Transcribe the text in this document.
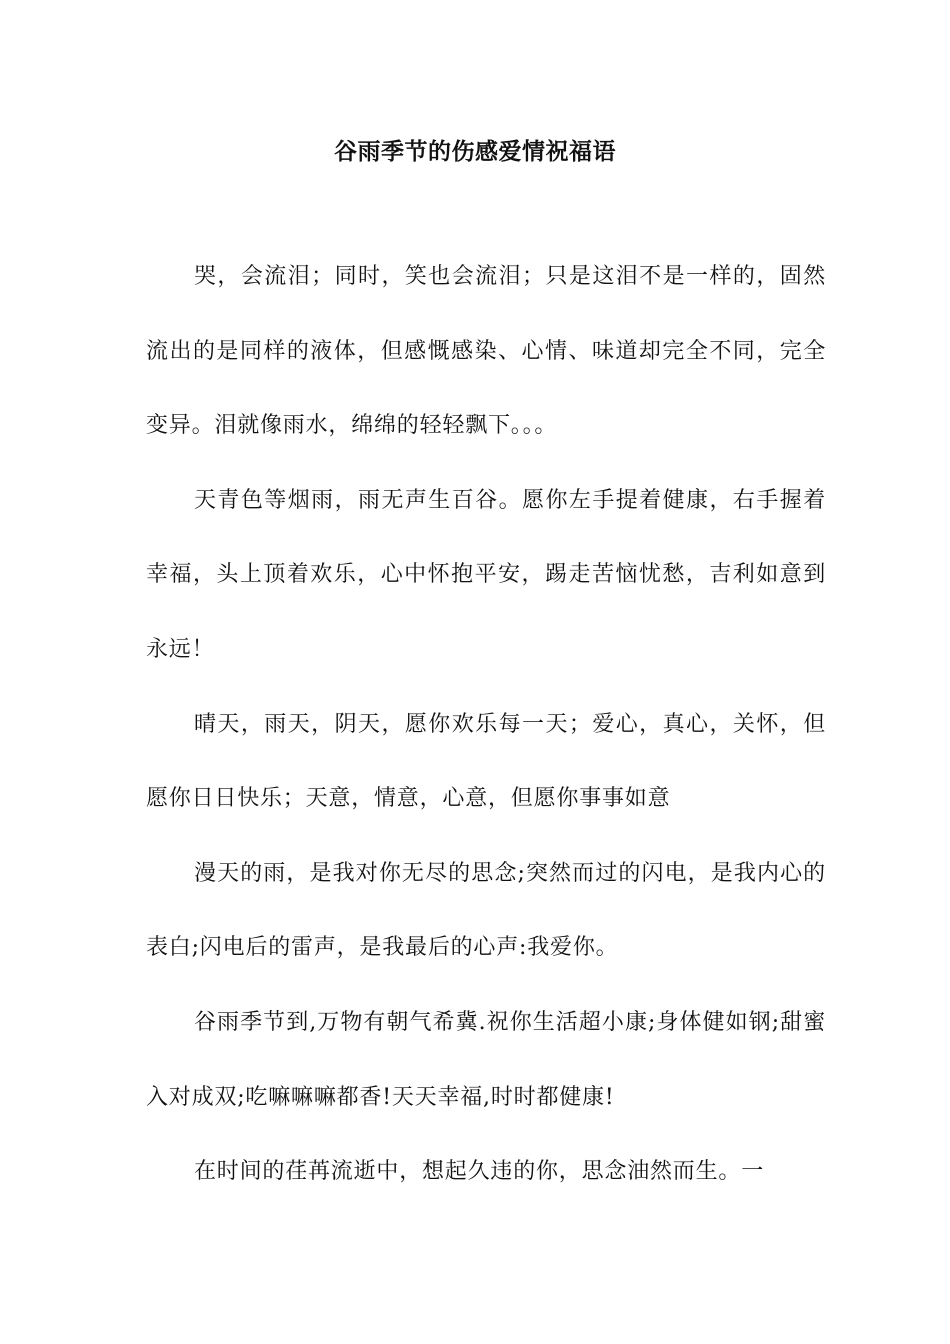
谷雨季节的伤感爱情祝福语

哭，会流泪；同时，笑也会流泪；只是这泪不是一样的，固然流出的是同样的液体，但感慨感染、心情、味道却完全不同，完全变异。泪就像雨水，绵绵的轻轻飘下。。。

天青色等烟雨，雨无声生百谷。愿你左手提着健康，右手握着幸福，头上顶着欢乐，心中怀抱平安，踢走苦恼忧愁，吉利如意到永远！

晴天，雨天，阴天，愿你欢乐每一天；爱心，真心，关怀，但愿你日日快乐；天意，情意，心意，但愿你事事如意

漫天的雨，是我对你无尽的思念;突然而过的闪电，是我内心的表白;闪电后的雷声，是我最后的心声:我爱你。

谷雨季节到,万物有朝气希冀.祝你生活超小康;身体健如钢;甜蜜入对成双;吃嘛嘛嘛都香!天天幸福,时时都健康!

在时间的荏苒流逝中，想起久违的你，思念油然而生。一
